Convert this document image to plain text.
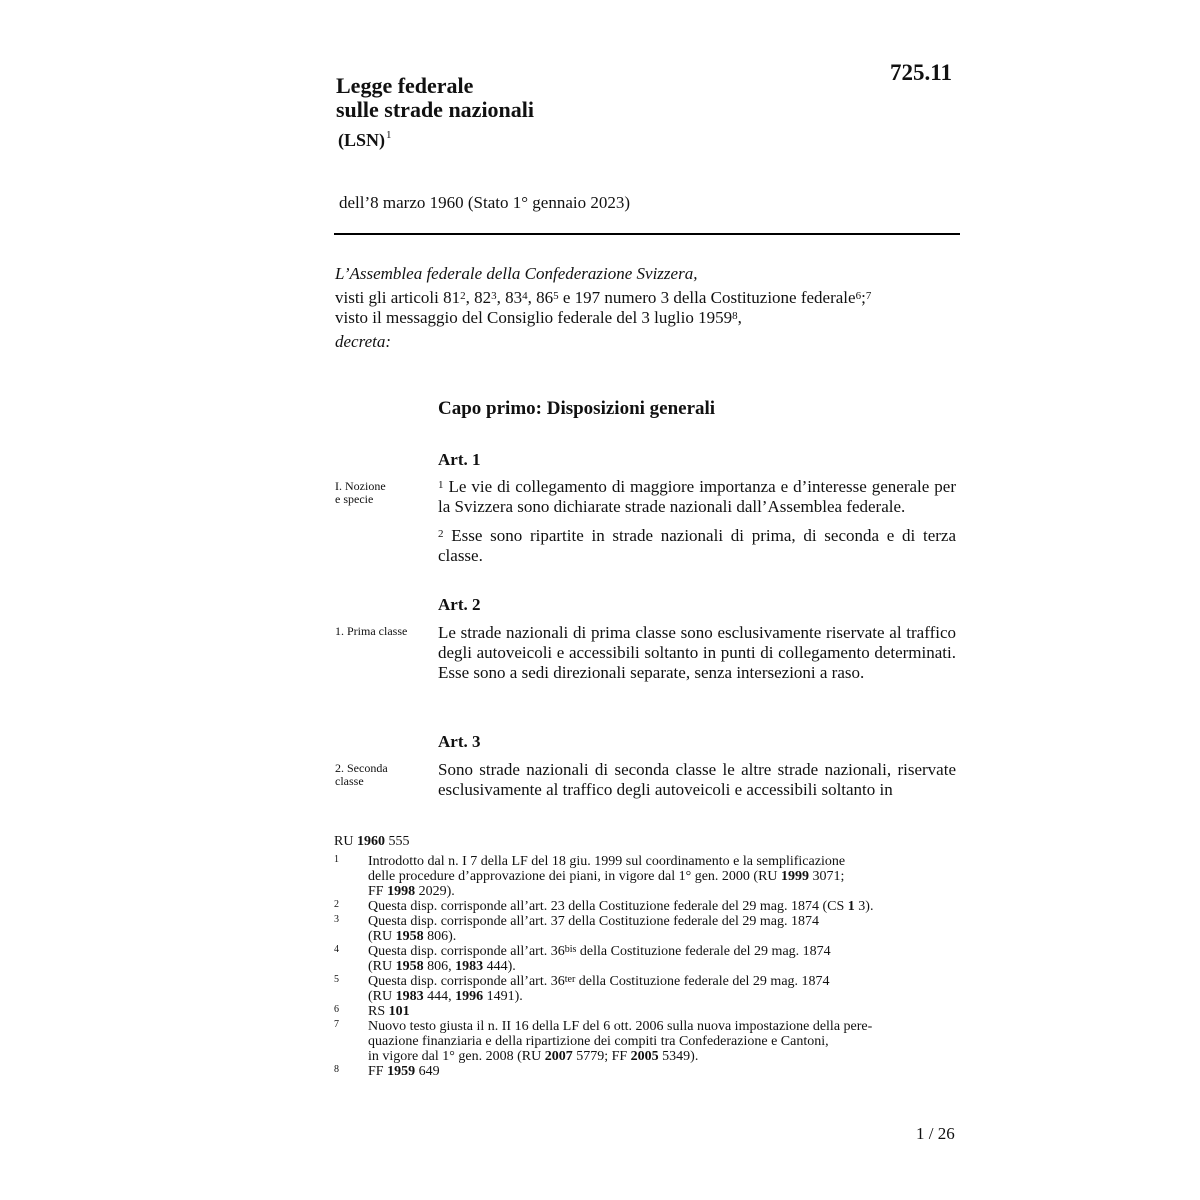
725.11
Legge federale
sulle strade nazionali
(LSN)$^1$
dell’8 marzo 1960 (Stato 1° gennaio 2023)
L’Assemblea federale della Confederazione Svizzera,
visti gli articoli $81^2$, $82^3$, $83^4$, $86^5$ e 197 numero 3 della Costituzione federale$^6$;$^7$
visto il messaggio del Consiglio federale del 3 luglio 1959$^8$,
decreta:
Capo primo: Disposizioni generali
Art. 1
I. Nozione
e specie
$^1$ Le vie di collegamento di maggiore importanza e d’interesse generale per la Svizzera sono dichiarate strade nazionali dall’Assemblea federale.
$^2$ Esse sono ripartite in strade nazionali di prima, di seconda e di terza classe.
Art. 2
1. Prima classe Le strade nazionali di prima classe sono esclusivamente riservate al traffico degli autoveicoli e accessibili soltanto in punti di collegamento determinati. Esse sono a sedi direzionali separate, senza intersezioni a raso.
Art. 3
2. Seconda
classe
Sono strade nazionali di seconda classe le altre strade nazionali, riservate esclusivamente al traffico degli autoveicoli e accessibili soltanto in
RU 1960 555
1	Introdotto dal n. I 7 della LF del 18 giu. 1999 sul coordinamento e la semplificazione
delle procedure d’approvazione dei piani, in vigore dal 1° gen. 2000 (RU 1999 3071;
FF 1998 2029).
2	Questa disp. corrisponde all’art. 23 della Costituzione federale del 29 mag. 1874 (CS 1 3).
3	Questa disp. corrisponde all’art. 37 della Costituzione federale del 29 mag. 1874
(RU 1958 806).
4	Questa disp. corrisponde all’art. $36^{bis}$ della Costituzione federale del 29 mag. 1874
(RU 1958 806, 1983 444).
5	Questa disp. corrisponde all’art. $36^{ter}$ della Costituzione federale del 29 mag. 1874
(RU 1983 444, 1996 1491).
6	RS 101
7	Nuovo testo giusta il n. II 16 della LF del 6 ott. 2006 sulla nuova impostazione della pere-
quazione finanziaria e della ripartizione dei compiti tra Confederazione e Cantoni,
in vigore dal 1° gen. 2008 (RU 2007 5779; FF 2005 5349).
8	FF 1959 649
1 / 26
